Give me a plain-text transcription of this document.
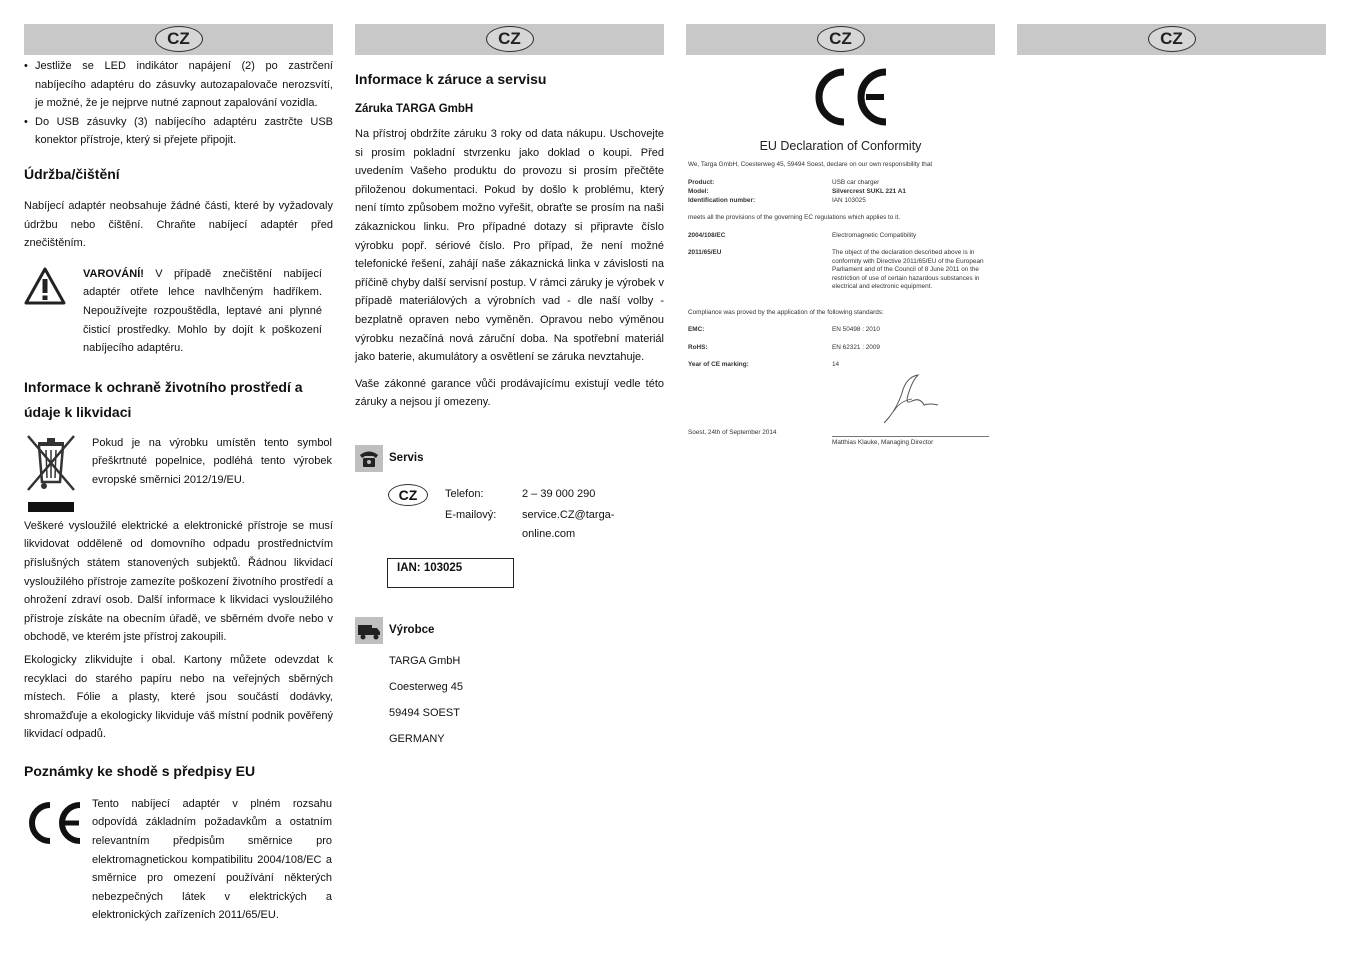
CZ
• Jestliže se LED indikátor napájení (2) po zastrčení nabíjecího adaptéru do zásuvky autozapalovače nerozsvítí, je možné, že je nejprve nutné zapnout zapalování vozidla.
• Do USB zásuvky (3) nabíjecího adaptéru zastrčte USB konektor přístroje, který si přejete připojit.
Údržba/čištění

Nabíjecí adaptér neobsahuje žádné části, které by vyžadovaly údržbu nebo čištění. Chraňte nabíjecí adaptér před znečištěním.

VAROVÁNÍ! V případě znečištění nabíjecí adaptér otřete lehce navlhčeným hadříkem. Nepoužívejte rozpouštědla, leptavé ani plynné čisticí prostředky. Mohlo by dojít k poškození nabíjecího adaptéru.

Informace k ochraně životního prostředí a údaje k likvidaci

Pokud je na výrobku umístěn tento symbol přeškrtnuté popelnice, podléhá tento výrobek evropské směrnici 2012/19/EU.

Veškeré vysloužilé elektrické a elektronické přístroje se musí likvidovat odděleně od domovního odpadu prostřednictvím příslušných státem stanovených subjektů. Řádnou likvidací vysloužilého přístroje zamezíte poškození životního prostředí a ohrožení zdraví osob. Další informace k likvidaci vysloužilého přístroje získáte na obecním úřadě, ve sběrném dvoře nebo v obchodě, ve kterém jste přístroj zakoupili.

Ekologicky zlikvidujte i obal. Kartony můžete odevzdat k recyklaci do starého papíru nebo na veřejných sběrných místech. Fólie a plasty, které jsou součástí dodávky, shromažďuje a ekologicky likviduje váš místní podnik pověřený likvidací odpadů.

Poznámky ke shodě s předpisy EU

Tento nabíjecí adaptér v plném rozsahu odpovídá základním požadavkům a ostatním relevantním předpisům směrnice pro elektromagnetickou kompatibilitu 2004/108/EC a směrnice pro omezení používání některých nebezpečných látek v elektrických a elektronických zařízeních 2011/65/EU.

CZ
Informace k záruce a servisu
Záruka TARGA GmbH

Na přístroj obdržíte záruku 3 roky od data nákupu. Uschovejte si prosím pokladní stvrzenku jako doklad o koupi. Před uvedením Vašeho produktu do provozu si prosím přečtěte přiloženou dokumentaci. Pokud by došlo k problému, který není tímto způsobem možno vyřešit, obraťte se prosím na naši zákaznickou linku. Pro případné dotazy si připravte číslo výrobku popř. sériové číslo. Pro případ, že není možné telefonické řešení, zahájí naše zákaznická linka v závislosti na příčině chyby další servisní postup. V rámci záruky je výrobek v případě materiálových a výrobních vad - dle naší volby - bezplatně opraven nebo vyměněn. Opravou nebo výměnou výrobku nezačíná nová záruční doba. Na spotřební materiál jako baterie, akumulátory a osvětlení se záruka nevztahuje.

Vaše zákonné garance vůči prodávajícímu existují vedle této záruky a nejsou jí omezeny.

Servis
CZ	Telefon:	2 – 39 000 290
E-mailový: service.CZ@targa-online.com
IAN: 103025
Výrobce
TARGA GmbH
Coesterweg 45
59494 SOEST
GERMANY
CZ
EU Declaration of Conformity
We, Targa GmbH, Coesterweg 45, 59494 Soest, declare on our own responsibility that
Product:	USB car charger
Model:	Silvercrest SUKL 221 A1
Identification number:	IAN 103025
meets all the provisions of the governing EC regulations which applies to it.
2004/108/EC	Electromagnetic Compatibility
2011/65/EU	The object of the declaration described above is in conformity with Directive 2011/65/EU of the European Parliament and of the Council of 8 June 2011 on the restriction of use of certain hazardous substances in electrical and electronic equipment.
Compliance was proved by the application of the following standards:
EMC:	EN 50498 : 2010
RoHS:	EN 62321 : 2009
Year of CE marking:	14
Soest, 24th of September 2014
Matthias Klauke, Managing Director
CZ
